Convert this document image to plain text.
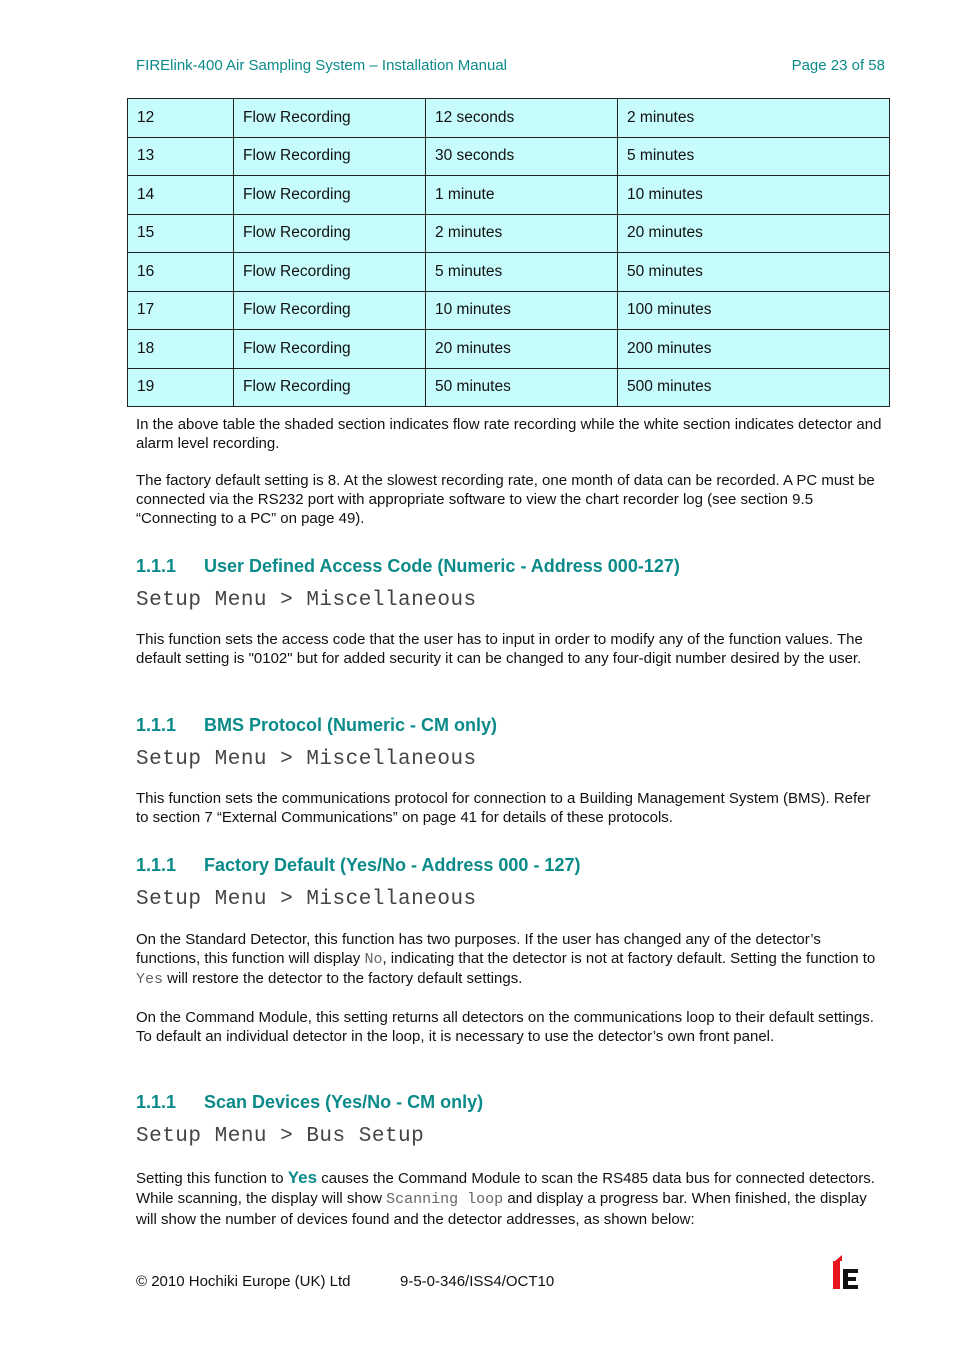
FIRElink-400 Air Sampling System – Installation Manual	Page 23 of 58
12	Flow Recording	12 seconds	2 minutes
13	Flow Recording	30 seconds	5 minutes
14	Flow Recording	1 minute	10 minutes
15	Flow Recording	2 minutes	20 minutes
16	Flow Recording	5 minutes	50 minutes
17	Flow Recording	10 minutes	100 minutes
18	Flow Recording	20 minutes	200 minutes
19	Flow Recording	50 minutes	500 minutes
In the above table the shaded section indicates flow rate recording while the white section indicates detector and alarm level recording.
The factory default setting is 8. At the slowest recording rate, one month of data can be recorded. A PC must be connected via the RS232 port with appropriate software to view the chart recorder log (see section 9.5 “Connecting to a PC” on page 49).
1.1.1 User Defined Access Code (Numeric - Address 000-127)
Setup Menu > Miscellaneous
This function sets the access code that the user has to input in order to modify any of the function values. The default setting is "0102" but for added security it can be changed to any four-digit number desired by the user.
1.1.1 BMS Protocol (Numeric - CM only)
Setup Menu > Miscellaneous
This function sets the communications protocol for connection to a Building Management System (BMS). Refer to section 7 “External Communications” on page 41 for details of these protocols.
1.1.1 Factory Default (Yes/No - Address 000 - 127)
Setup Menu > Miscellaneous
On the Standard Detector, this function has two purposes. If the user has changed any of the detector’s functions, this function will display No, indicating that the detector is not at factory default. Setting the function to Yes will restore the detector to the factory default settings.
On the Command Module, this setting returns all detectors on the communications loop to their default settings. To default an individual detector in the loop, it is necessary to use the detector’s own front panel.
1.1.1 Scan Devices (Yes/No - CM only)
Setup Menu > Bus Setup
Setting this function to Yes causes the Command Module to scan the RS485 data bus for connected detectors. While scanning, the display will show Scanning loop and display a progress bar. When finished, the display will show the number of devices found and the detector addresses, as shown below:
© 2010 Hochiki Europe (UK) Ltd	9-5-0-346/ISS4/OCT10
